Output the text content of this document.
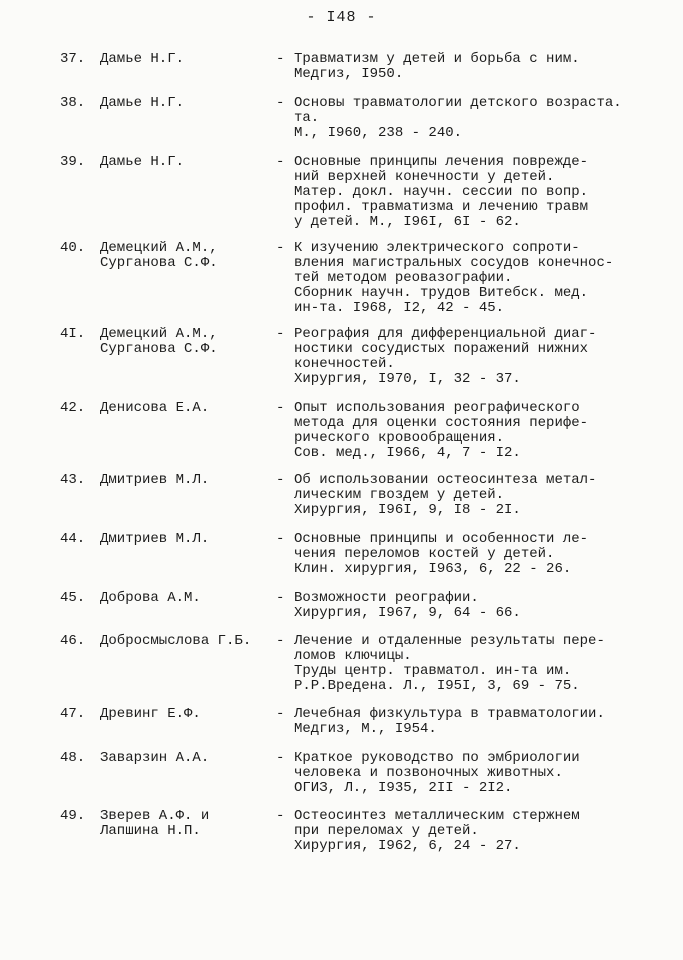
- I48 -
37.	Дамье Н.Г.	- Травматизм у детей и борьба с ним.
Медгиз, I950.
38.	Дамье Н.Г.	- Основы травматологии детского возраста.
та.
М., I960, 238 - 240.
39.	Дамье Н.Г.	- Основные принципы лечения поврежде-
ний верхней конечности у детей.
Матер. докл. научн. сессии по вопр.
профил. травматизма и лечению травм
у детей. М., I96I, 6I - 62.
40.	Демецкий А.М.,
Сурганова С.Ф.
- К изучению электрического сопроти-
вления магистральных сосудов конечнос-
тей методом реовазографии.
Сборник научн. трудов Витебск. мед.
ин-та. I968, I2, 42 - 45.
4I.	Демецкий А.М.,
Сурганова С.Ф.
- Реография для дифференциальной диаг-
ностики сосудистых поражений нижних
конечностей.
Хирургия, I970, I, 32 - 37.
42.	Денисова Е.А.	- Опыт использования реографического
метода для оценки состояния перифе-
рического кровообращения.
Сов. мед., I966, 4, 7 - I2.
43.	Дмитриев М.Л.	- Об использовании остеосинтеза метал-
лическим гвоздем у детей.
Хирургия, I96I, 9, I8 - 2I.
44.	Дмитриев М.Л.	- Основные принципы и особенности ле-
чения переломов костей у детей.
Клин. хирургия, I963, 6, 22 - 26.
45.	Доброва А.М.	- Возможности реографии.
Хирургия, I967, 9, 64 - 66.
46.	Добросмыслова Г.Б.	- Лечение и отдаленные результаты пере-
ломов ключицы.
Труды центр. травматол. ин-та им.
Р.Р.Вредена. Л., I95I, 3, 69 - 75.
47.	Древинг Е.Ф.	- Лечебная физкультура в травматологии.
Медгиз, М., I954.
48.	Заварзин А.А.	- Краткое руководство по эмбриологии
человека и позвоночных животных.
ОГИЗ, Л., I935, 2II - 2I2.
49.	Зверев А.Ф. и
Лапшина Н.П.
- Остеосинтез металлическим стержнем
при переломах у детей.
Хирургия, I962, 6, 24 - 27.
